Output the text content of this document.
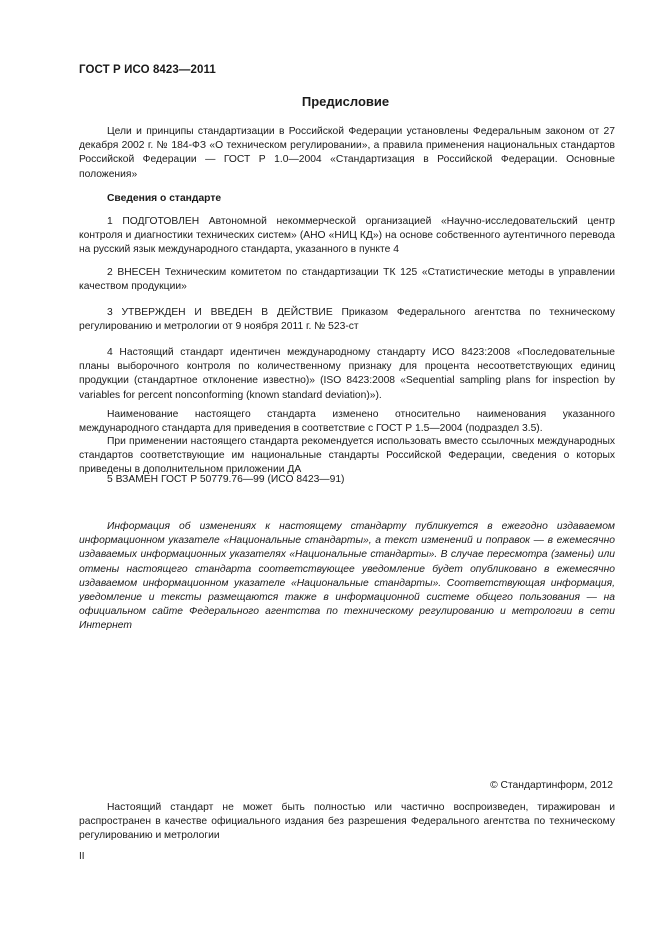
ГОСТ Р ИСО 8423—2011
Предисловие

Цели и принципы стандартизации в Российской Федерации установлены Федеральным законом от 27 декабря 2002 г. № 184-ФЗ «О техническом регулировании», а правила применения национальных стандартов Российской Федерации — ГОСТ Р 1.0—2004 «Стандартизация в Российской Федерации. Основные положения»

Сведения о стандарте

1 ПОДГОТОВЛЕН Автономной некоммерческой организацией «Научно-исследовательский центр контроля и диагностики технических систем» (АНО «НИЦ КД») на основе собственного аутентичного перевода на русский язык международного стандарта, указанного в пункте 4

2 ВНЕСЕН Техническим комитетом по стандартизации ТК 125 «Статистические методы в управлении качеством продукции»

3 УТВЕРЖДЕН И ВВЕДЕН В ДЕЙСТВИЕ Приказом Федерального агентства по техническому регулированию и метрологии от 9 ноября 2011 г. № 523-ст

4 Настоящий стандарт идентичен международному стандарту ИСО 8423:2008 «Последовательные планы выборочного контроля по количественному признаку для процента несоответствующих единиц продукции (стандартное отклонение известно)» (ISO 8423:2008 «Sequential sampling plans for inspection by variables for percent nonconforming (known standard deviation)»).

Наименование настоящего стандарта изменено относительно наименования указанного международного стандарта для приведения в соответствие с ГОСТ Р 1.5—2004 (подраздел 3.5).

При применении настоящего стандарта рекомендуется использовать вместо ссылочных международных стандартов соответствующие им национальные стандарты Российской Федерации, сведения о которых приведены в дополнительном приложении ДА

5 ВЗАМЕН ГОСТ Р 50779.76—99 (ИСО 8423—91)

Информация об изменениях к настоящему стандарту публикуется в ежегодно издаваемом информационном указателе «Национальные стандарты», а текст изменений и поправок — в ежемесячно издаваемых информационных указателях «Национальные стандарты». В случае пересмотра (замены) или отмены настоящего стандарта соответствующее уведомление будет опубликовано в ежемесячно издаваемом информационном указателе «Национальные стандарты». Соответствующая информация, уведомление и тексты размещаются также в информационной системе общего пользования — на официальном сайте Федерального агентства по техническому регулированию и метрологии в сети Интернет

© Стандартинформ, 2012

Настоящий стандарт не может быть полностью или частично воспроизведен, тиражирован и распространен в качестве официального издания без разрешения Федерального агентства по техническому регулированию и метрологии

II
